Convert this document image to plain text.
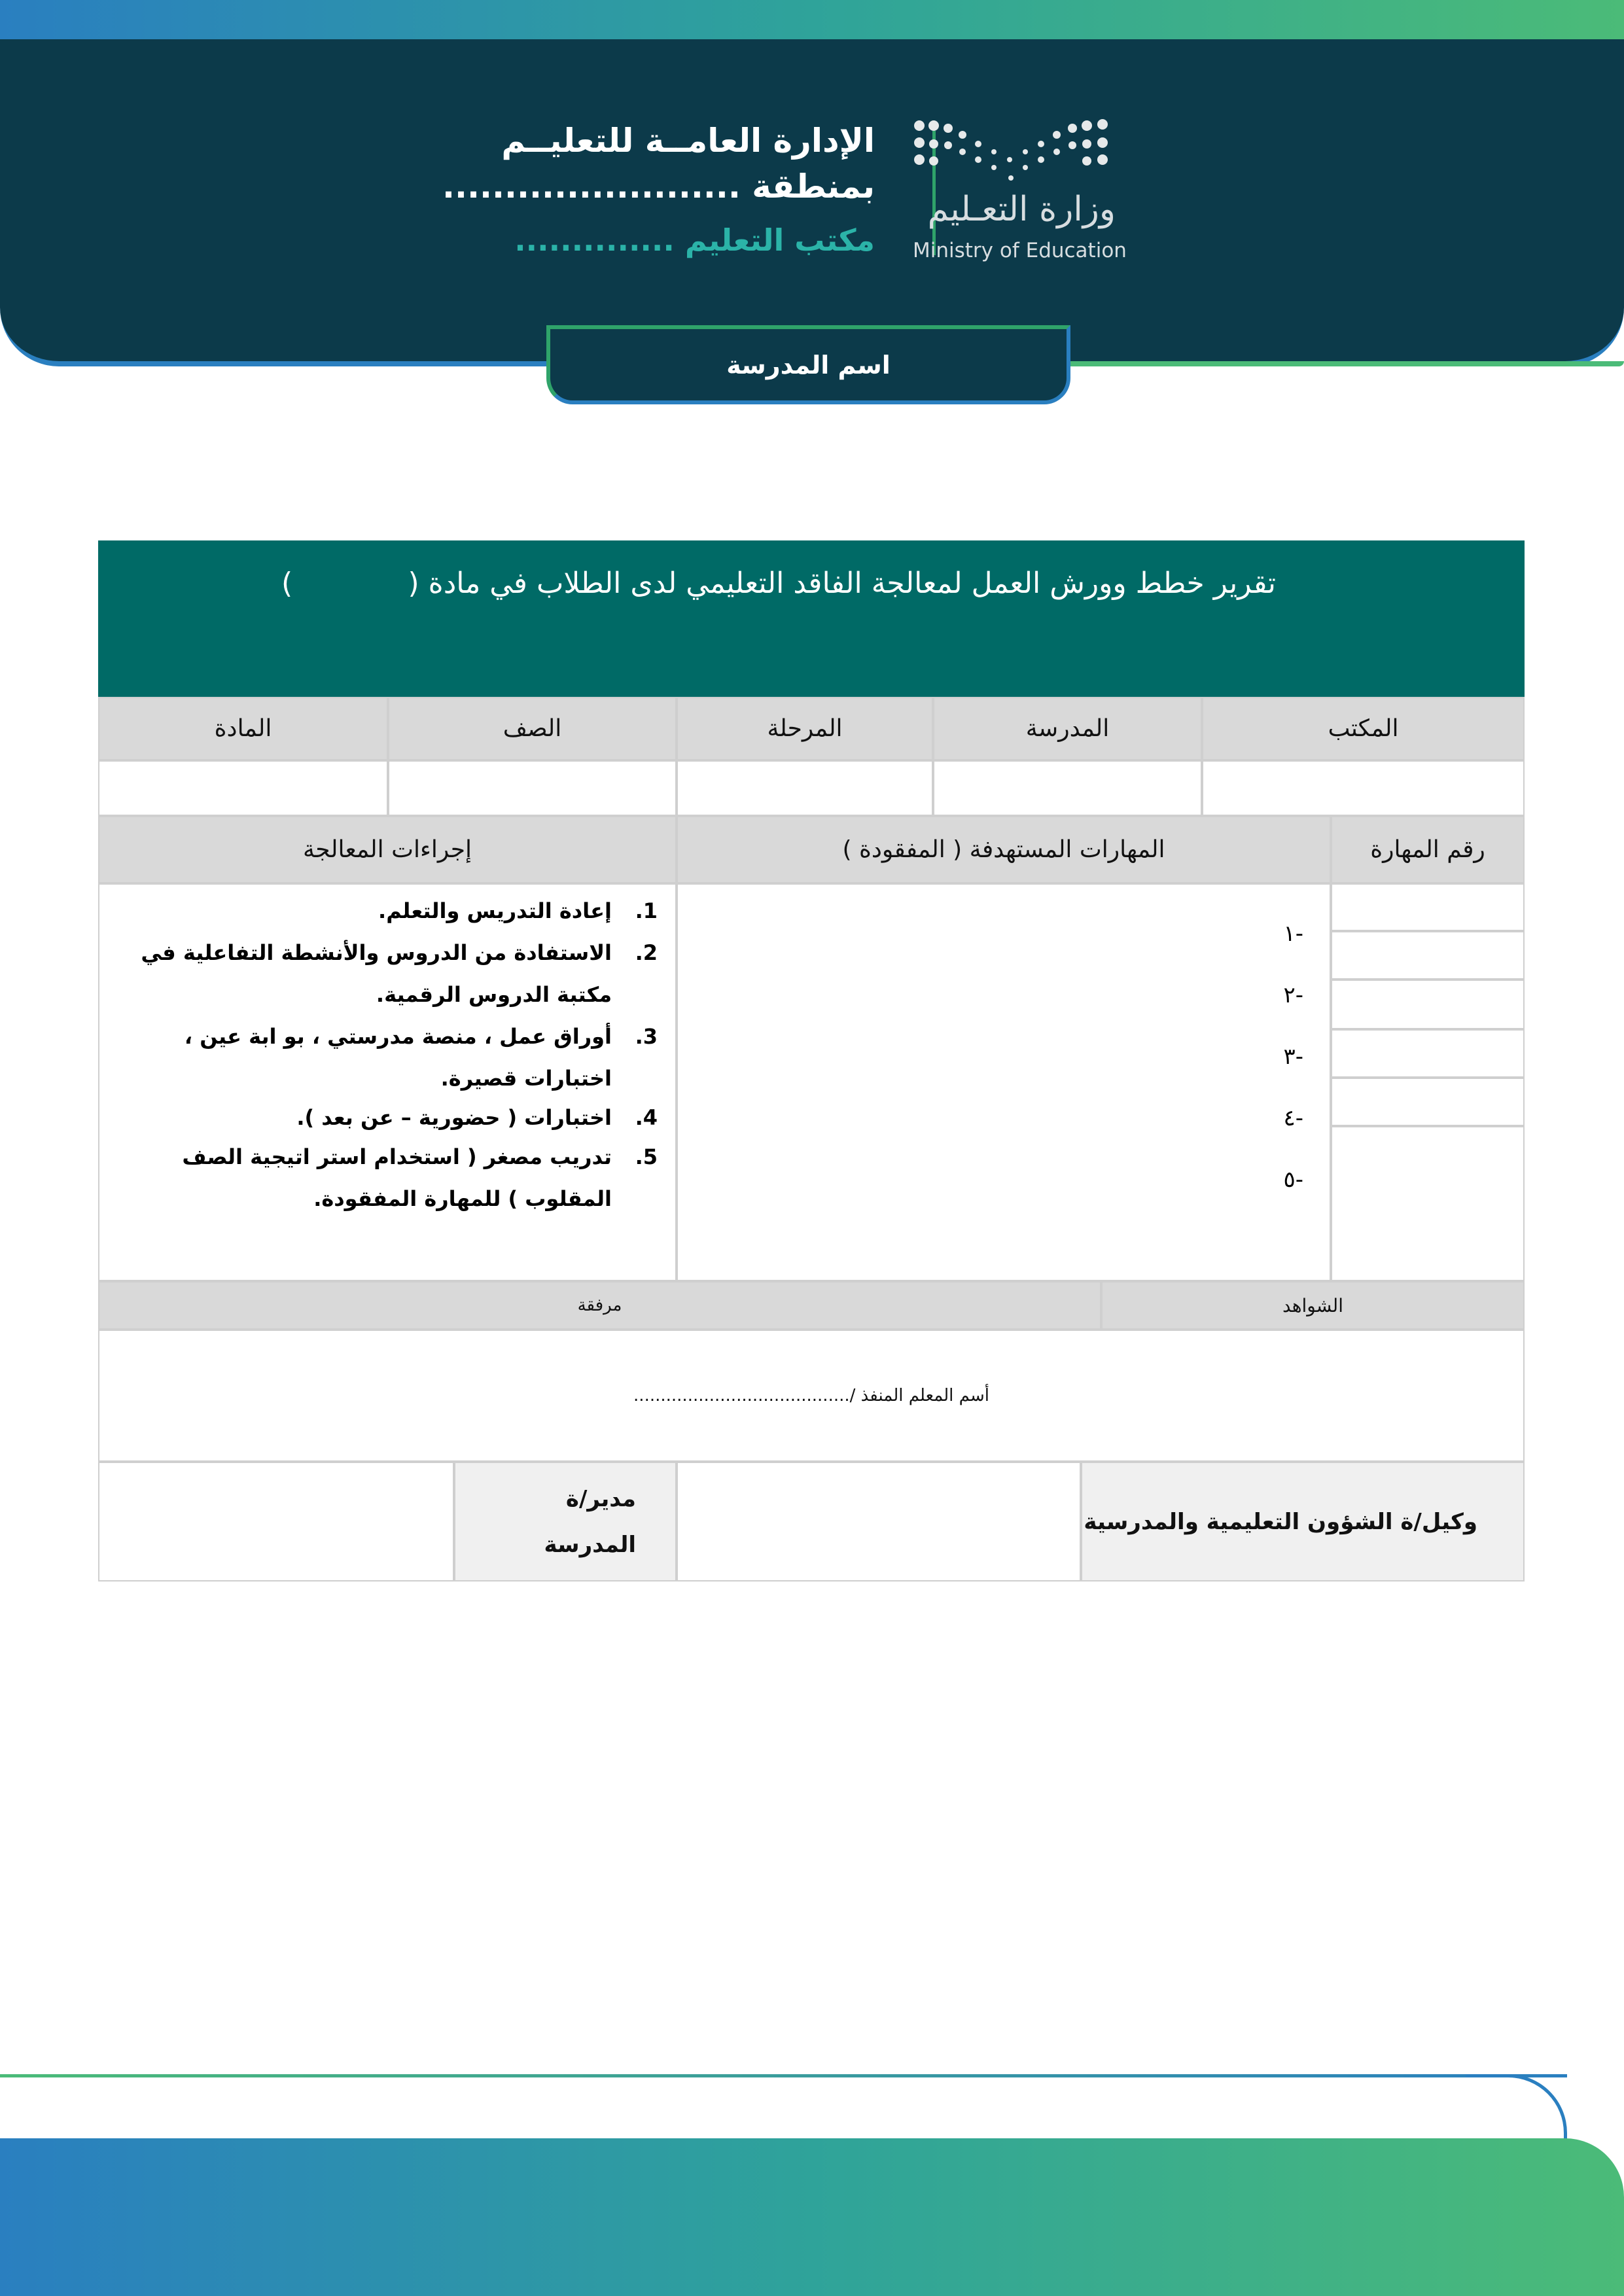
الإدارة العامــة للتعليــم
بمنطقة ........................
مكتب التعليم ..............
وزارة التعـليم
Ministry of Education
اسم المدرسة
تقرير خطط وورش العمل لمعالجة الفاقد التعليمي لدى الطلاب في مادة (
)
المكتب
المدرسة
المرحلة
الصف
المادة
رقم المهارة
المهارات المستهدفة ( المفقودة )
إجراءات المعالجة
الشواهد
مرفقة
أسم المعلم المنفذ /........................................
وكيل/ة الشؤون التعليمية والمدرسية
مدير/ة
المدرسة
-١
-٢
-٣
-٤
-٥
1.إعادة التدريس والتعلم.
2.الاستفادة من الدروس والأنشطة التفاعلية في
مكتبة الدروس الرقمية.
3.أوراق عمل ، منصة مدرستي ، بو ابة عين ،
اختبارات قصيرة.
4.اختبارات ( حضورية – عن بعد ).
5.تدريب مصغر ( استخدام استر اتيجية الصف
المقلوب ) للمهارة المفقودة.
